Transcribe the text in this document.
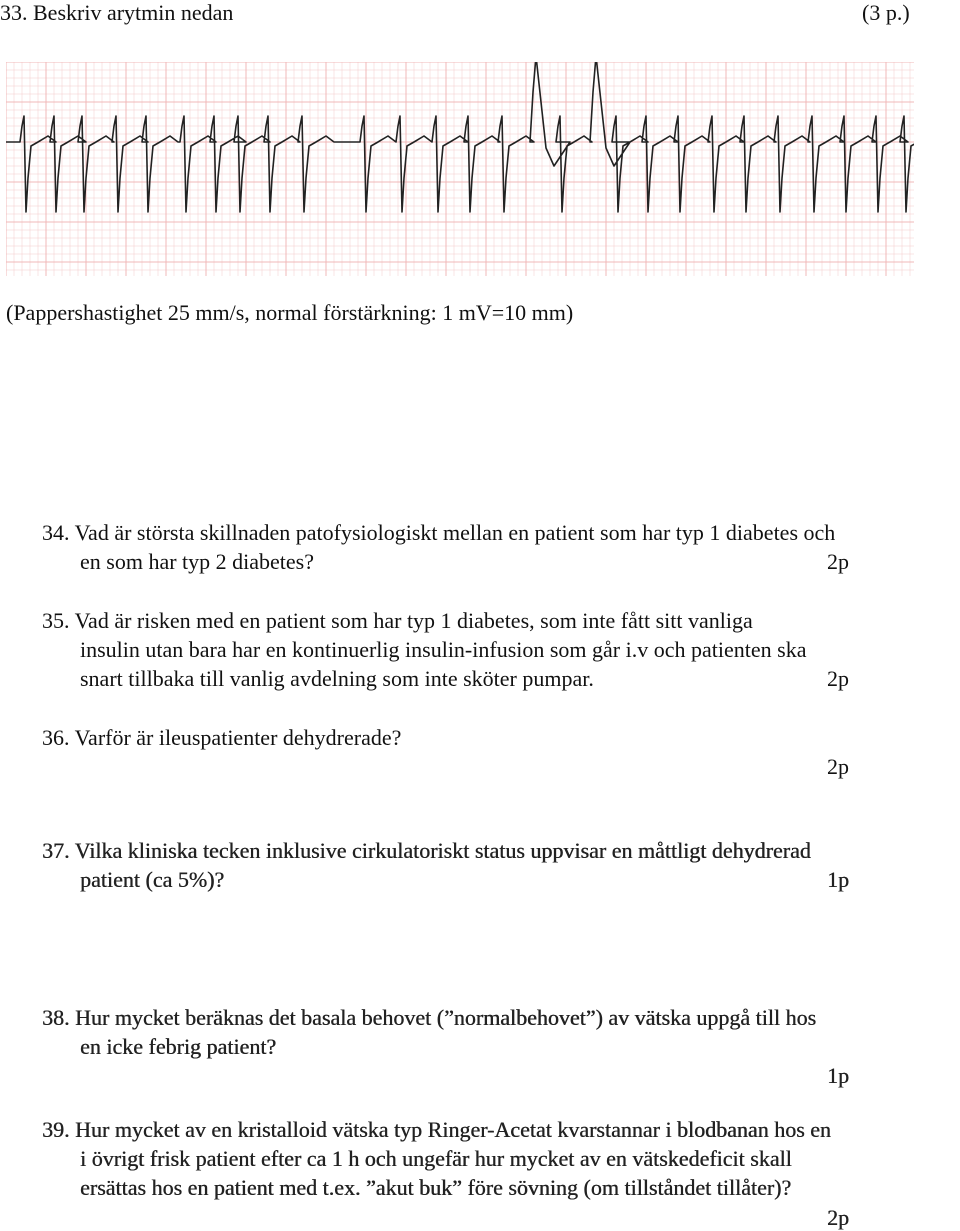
33. Beskriv arytmin nedan	(3 p.)
(Pappershastighet 25 mm/s, normal förstärkning: 1 mV=10 mm)
34. Vad är största skillnaden patofysiologiskt mellan en patient som har typ 1 diabetes och
en som har typ 2 diabetes?	2p
35. Vad är risken med en patient som har typ 1 diabetes, som inte fått sitt vanliga
insulin utan bara har en kontinuerlig insulin-infusion som går i.v och patienten ska
snart tillbaka till vanlig avdelning som inte sköter pumpar.	2p
36. Varför är ileuspatienter dehydrerade?
2p
37. Vilka kliniska tecken inklusive cirkulatoriskt status uppvisar en måttligt dehydrerad
patient (ca 5%)?	1p
38. Hur mycket beräknas det basala behovet (”normalbehovet”) av vätska uppgå till hos
en icke febrig patient?
1p
39. Hur mycket av en kristalloid vätska typ Ringer-Acetat kvarstannar i blodbanan hos en
i övrigt frisk patient efter ca 1 h och ungefär hur mycket av en vätskedeficit skall
ersättas hos en patient med t.ex. ”akut buk” före sövning (om tillståndet tillåter)?
2p
